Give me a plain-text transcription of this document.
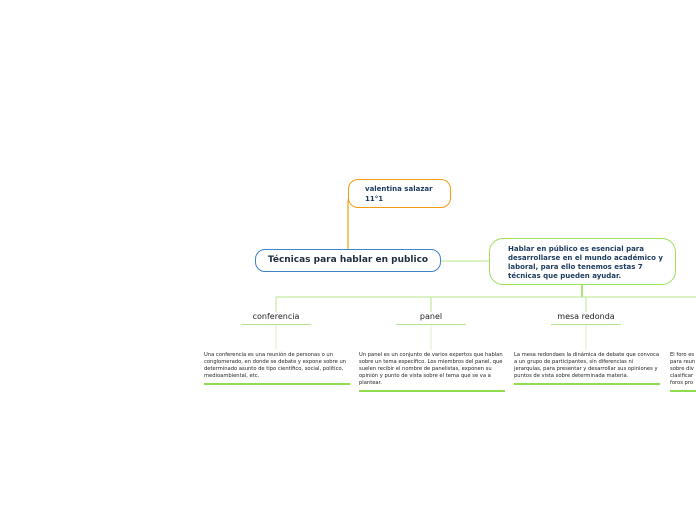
valentina salazar 11°1
Técnicas para hablar en publico
Hablar en público es esencial para desarrollarse en el mundo académico y laboral, para ello tenemos estas 7 técnicas que pueden ayudar.
conferencia	panel	mesa redonda
Una conferencia es una reunión de personas o un conglomerado, en donde se debate y expone sobre un determinado asunto de tipo científico, social, político, medioambiental, etc.
Un panel es un conjunto de varios expertos que hablan sobre un tema específico. Los miembros del panel, que suelen recibir el nombre de panelistas, exponen su opinión y punto de vista sobre el tema que se va a plantear.
La mesa redondaes la dinámica de debate que convoca a un grupo de participantes, sin diferencias ni jerarquías, para presentar y desarrollar sus opiniones y puntos de vista sobre determinada materia.
El foro es para reun sobre div clasificar foros pro
